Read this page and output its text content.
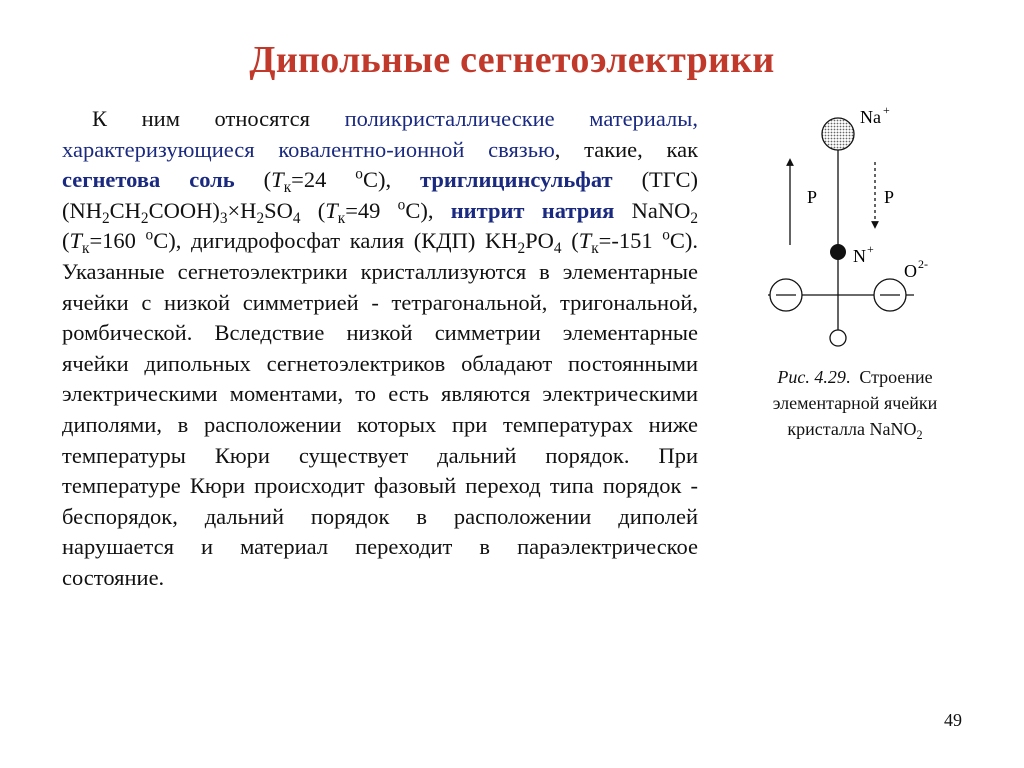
Дипольные сегнетоэлектрики

К ним относятся поликристаллические материалы, характеризующиеся ковалентно-ионной связью, такие, как сегнетова соль ($T_к=24$ $^o$С), триглицинсульфат (ТГС) $(NH_2CH_2COOH)_3\times H_2SO_4$ ($T_к=49$ $^o$С), нитрит натрия NaNO$_2$ ($T_к=160$ $^o$С), дигидрофосфат калия (КДП) $KH_2PO_4$ ($T_к=-151$ $^o$С). Указанные сегнетоэлектрики кристаллизуются в элементарные ячейки с низкой симметрией - тетрагональной, тригональной, ромбической. Вследствие низкой симметрии элементарные ячейки дипольных сегнетоэлектриков обладают постоянными электрическими моментами, то есть являются электрическими диполями, в расположении которых при температурах ниже температуры Кюри существует дальний порядок. При температуре Кюри происходит фазовый переход типа порядок - беспорядок, дальний порядок в расположении диполей нарушается и материал переходит в параэлектрическое состояние.

Na +
P	P
N +
O 2-
Рис. 4.29. Строение элементарной ячейки кристалла NaNO$_2$
49
